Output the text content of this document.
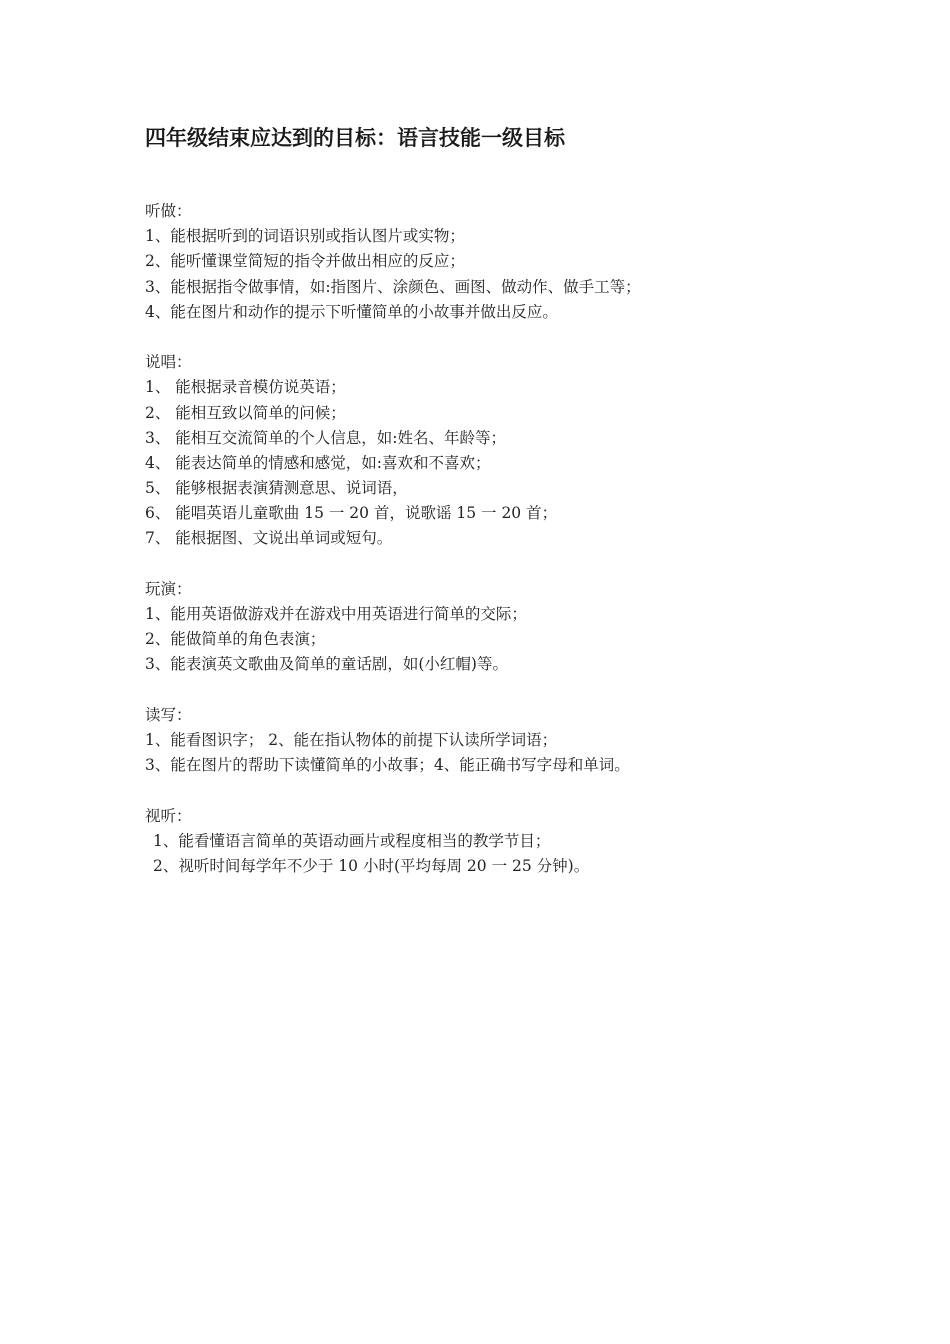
四年级结束应达到的目标：语言技能一级目标
听做：
1、能根据听到的词语识别或指认图片或实物；
2、能听懂课堂简短的指令并做出相应的反应；
3、能根据指令做事情，如:指图片、涂颜色、画图、做动作、做手工等；
4、能在图片和动作的提示下听懂简单的小故事并做出反应。
说唱：
1、 能根据录音模仿说英语；
2、 能相互致以简单的问候；
3、 能相互交流简单的个人信息，如:姓名、年龄等；
4、 能表达简单的情感和感觉，如:喜欢和不喜欢；
5、 能够根据表演猜测意思、说词语，
6、 能唱英语儿童歌曲 15 一 20 首，说歌谣 15 一 20 首；
7、 能根据图、文说出单词或短句。
玩演：
1、能用英语做游戏并在游戏中用英语进行简单的交际；
2、能做简单的角色表演；
3、能表演英文歌曲及简单的童话剧，如(小红帽)等。
读写：
1、能看图识字； 2、能在指认物体的前提下认读所学词语；
3、能在图片的帮助下读懂简单的小故事；4、能正确书写字母和单词。
视听：
1、能看懂语言简单的英语动画片或程度相当的教学节目；
2、视听时间每学年不少于 10 小时(平均每周 20 一 25 分钟)。
